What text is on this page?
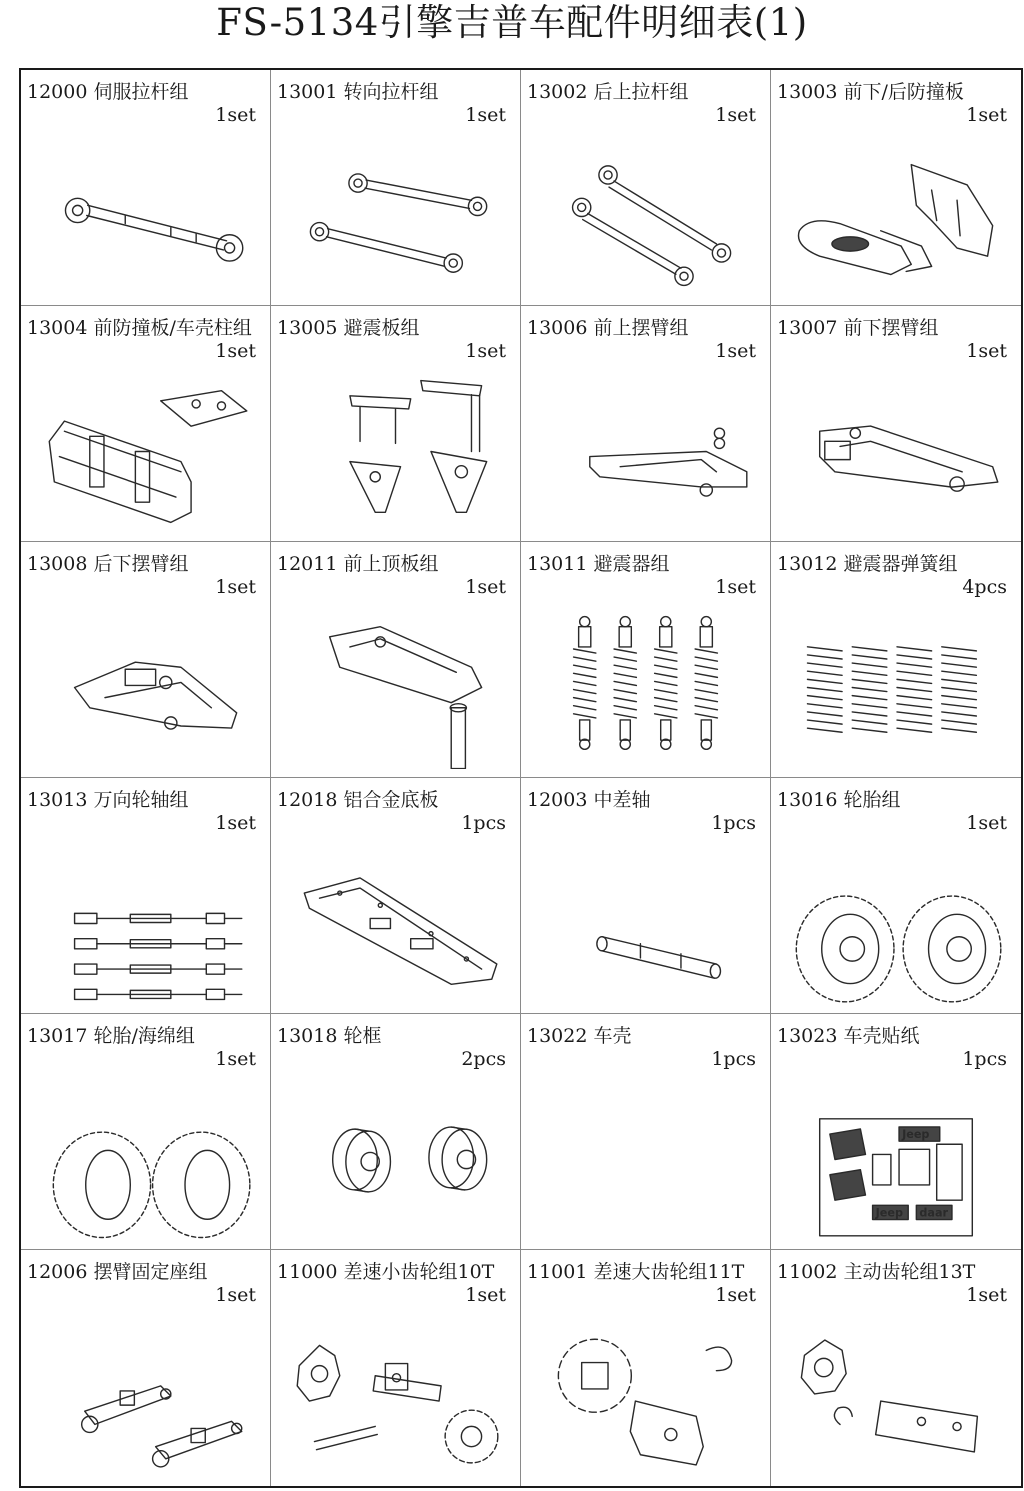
FS-5134引擎吉普车配件明细表(1)
12000 伺服拉杆组
1set
13001 转向拉杆组
1set
13002 后上拉杆组
1set
13003 前下/后防撞板
1set
13004 前防撞板/车壳柱组
1set
13005 避震板组
1set
13006 前上摆臂组
1set
13007 前下摆臂组
1set
13008 后下摆臂组
1set
12011 前上顶板组
1set
13011 避震器组
1set
13012 避震器弹簧组
4pcs
13013 万向轮轴组
1set
12018 铝合金底板
1pcs
12003 中差轴
1pcs
13016 轮胎组
1set
13017 轮胎/海绵组
1set
13018 轮框
2pcs
13022 车壳
1pcs
13023 车壳贴纸
1pcs
Jeep
Jeep daar
12006 摆臂固定座组
1set
11000 差速小齿轮组10T
1set
11001 差速大齿轮组11T
1set
11002 主动齿轮组13T
1set
